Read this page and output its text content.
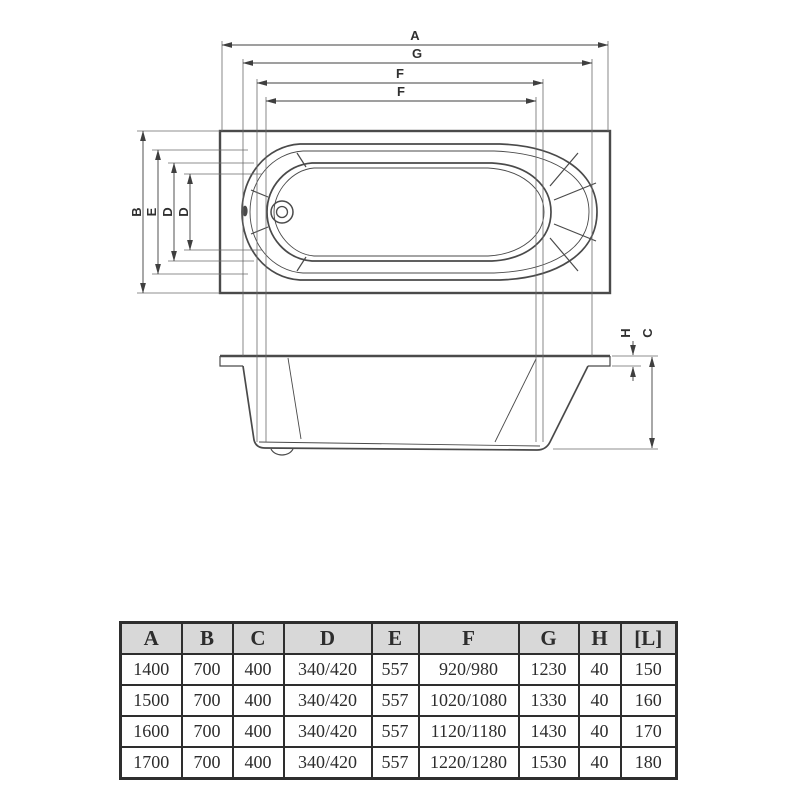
A
G
F
F
B E D D
H C
A	B	C	D	E	F	G	H	[L]
1400	700	400	340/420	557	920/980	1230	40	150
1500	700	400	340/420	557	1020/1080	1330	40	160
1600	700	400	340/420	557	1120/1180	1430	40	170
1700	700	400	340/420	557	1220/1280	1530	40	180
